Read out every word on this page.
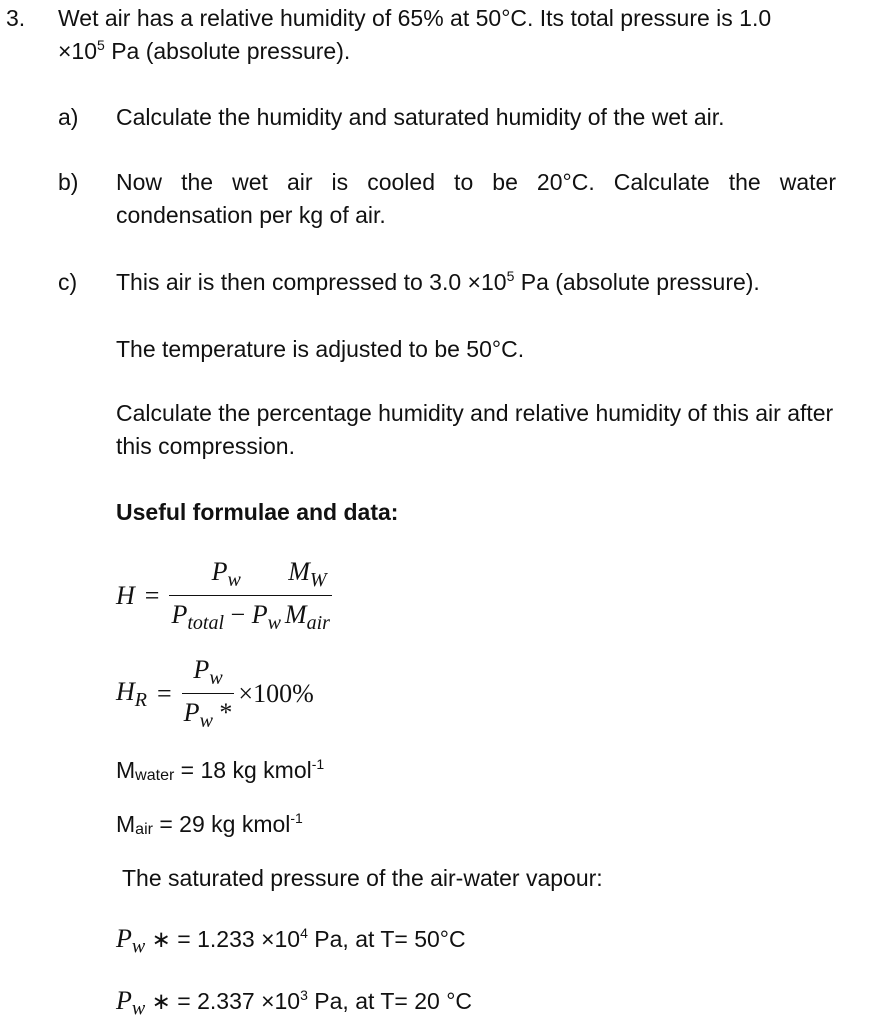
3. Wet air has a relative humidity of 65% at 50°C. Its total pressure is 1.0
$\times 10^5$ Pa (absolute pressure).
a) Calculate the humidity and saturated humidity of the wet air.
b) Now the wet air is cooled to be 20°C. Calculate the water condensation per kg of air.
c) This air is then compressed to $3.0 \times 10^5$ Pa (absolute pressure).
The temperature is adjusted to be 50°C.
Calculate the percentage humidity and relative humidity of this air after this compression.
Useful formulae and data:
$H = \frac{P_w}{P_{total} - P_w} \frac{M_W}{M_{air}}$
$H_R = \frac{P_w}{P_w *} \times 100\%$
$M_{water} = 18$ kg kmol$^{-1}$
$M_{air} = 29$ kg kmol$^{-1}$
The saturated pressure of the air-water vapour:
$P_w$ ∗ = $1.233 \times 10^4$ Pa, at T= 50°C
$P_w$ ∗ = $2.337 \times 10^3$ Pa, at T= 20 °C
